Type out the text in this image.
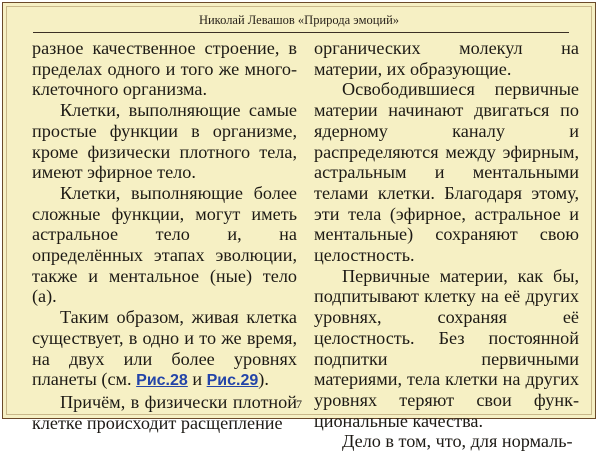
Николай Левашов «Природа эмоций»

разное качественное строение, в пределах одного и того же многоклеточного организма.

Клетки, выполняющие самые простые функции в организме, кроме физически плотного тела, имеют эфирное тело.

Клетки, выполняющие более сложные функции, могут иметь астральное тело и, на определённых этапах эволюции, также и ментальное (ные) тело (а).

Таким образом, живая клетка существует, в одно и то же время, на двух или более уровнях планеты (см. Рис.28 и Рис.29).

Причём, в физически плотной клетке происходит расщепление

органических молекул на материи, их образующие.

Освободившиеся первичные материи начинают двигаться по ядерному каналу и распределяются между эфирным, астральным и ментальными телами клетки. Благодаря этому, эти тела (эфирное, астральное и ментальные) сохраняют свою целостность.

Первичные материи, как бы, подпитывают клетку на её других уровнях, сохраняя её целостность. Без постоянной подпитки первичными материями, тела клетки на других уровнях теряют свои функциональные качества.

Дело в том, что, для нормаль-

7
